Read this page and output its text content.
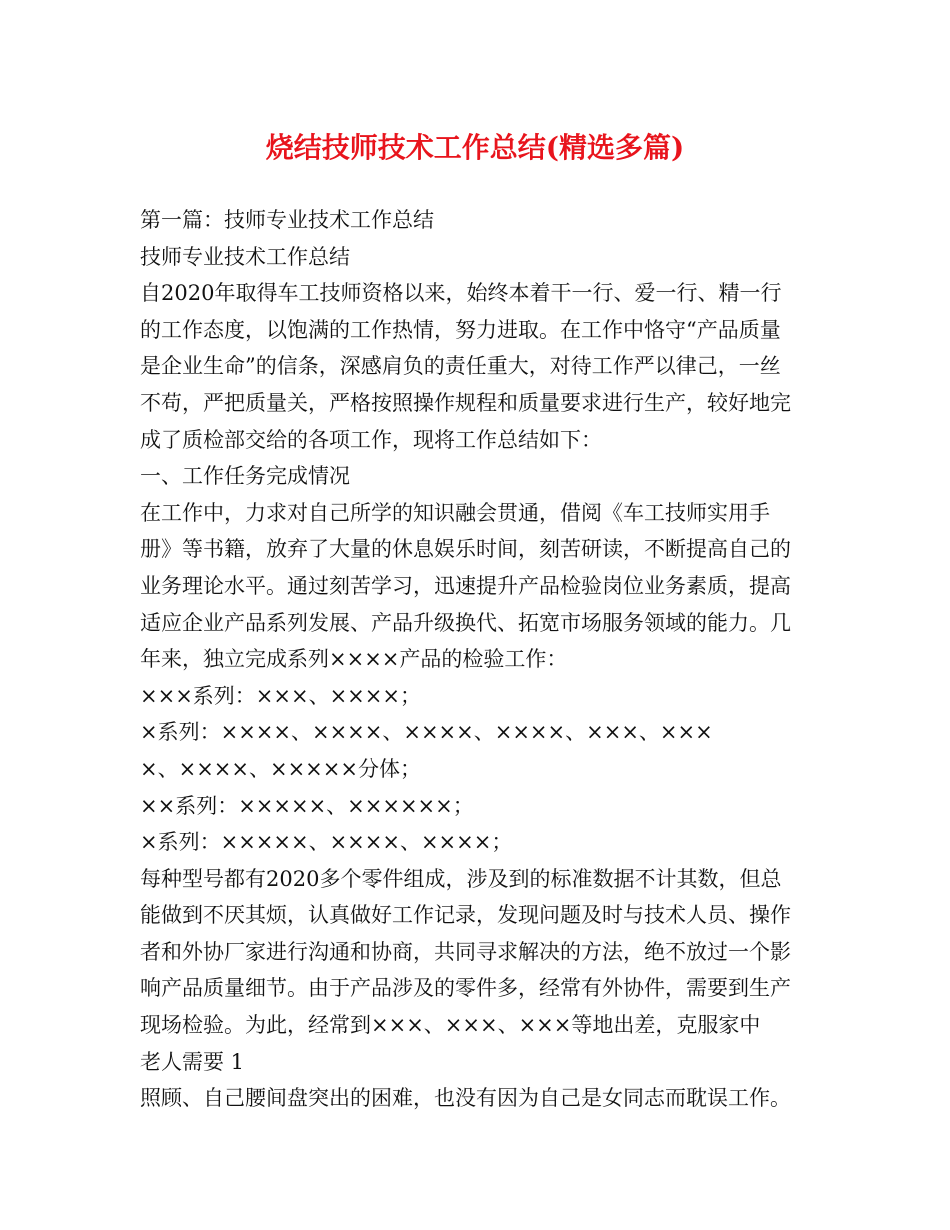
烧结技师技术工作总结(精选多篇)
第一篇：技师专业技术工作总结
技师专业技术工作总结
自2020年取得车工技师资格以来，始终本着干一行、爱一行、精一行
的工作态度，以饱满的工作热情，努力进取。在工作中恪守“产品质量
是企业生命”的信条，深感肩负的责任重大，对待工作严以律己，一丝
不苟，严把质量关，严格按照操作规程和质量要求进行生产，较好地完
成了质检部交给的各项工作，现将工作总结如下：
一、工作任务完成情况
在工作中，力求对自己所学的知识融会贯通，借阅《车工技师实用手
册》等书籍，放弃了大量的休息娱乐时间，刻苦研读，不断提高自己的
业务理论水平。通过刻苦学习，迅速提升产品检验岗位业务素质，提高
适应企业产品系列发展、产品升级换代、拓宽市场服务领域的能力。几
年来，独立完成系列××××产品的检验工作：
×××系列：×××、××××；
×系列：××××、××××、××××、××××、×××、×××
×、××××、×××××分体；
××系列：×××××、××××××；
×系列：×××××、××××、××××；
每种型号都有2020多个零件组成，涉及到的标准数据不计其数，但总
能做到不厌其烦，认真做好工作记录，发现问题及时与技术人员、操作
者和外协厂家进行沟通和协商，共同寻求解决的方法，绝不放过一个影
响产品质量细节。由于产品涉及的零件多，经常有外协件，需要到生产
现场检验。为此，经常到×××、×××、×××等地出差，克服家中
老人需要 1
照顾、自己腰间盘突出的困难，也没有因为自己是女同志而耽误工作。
